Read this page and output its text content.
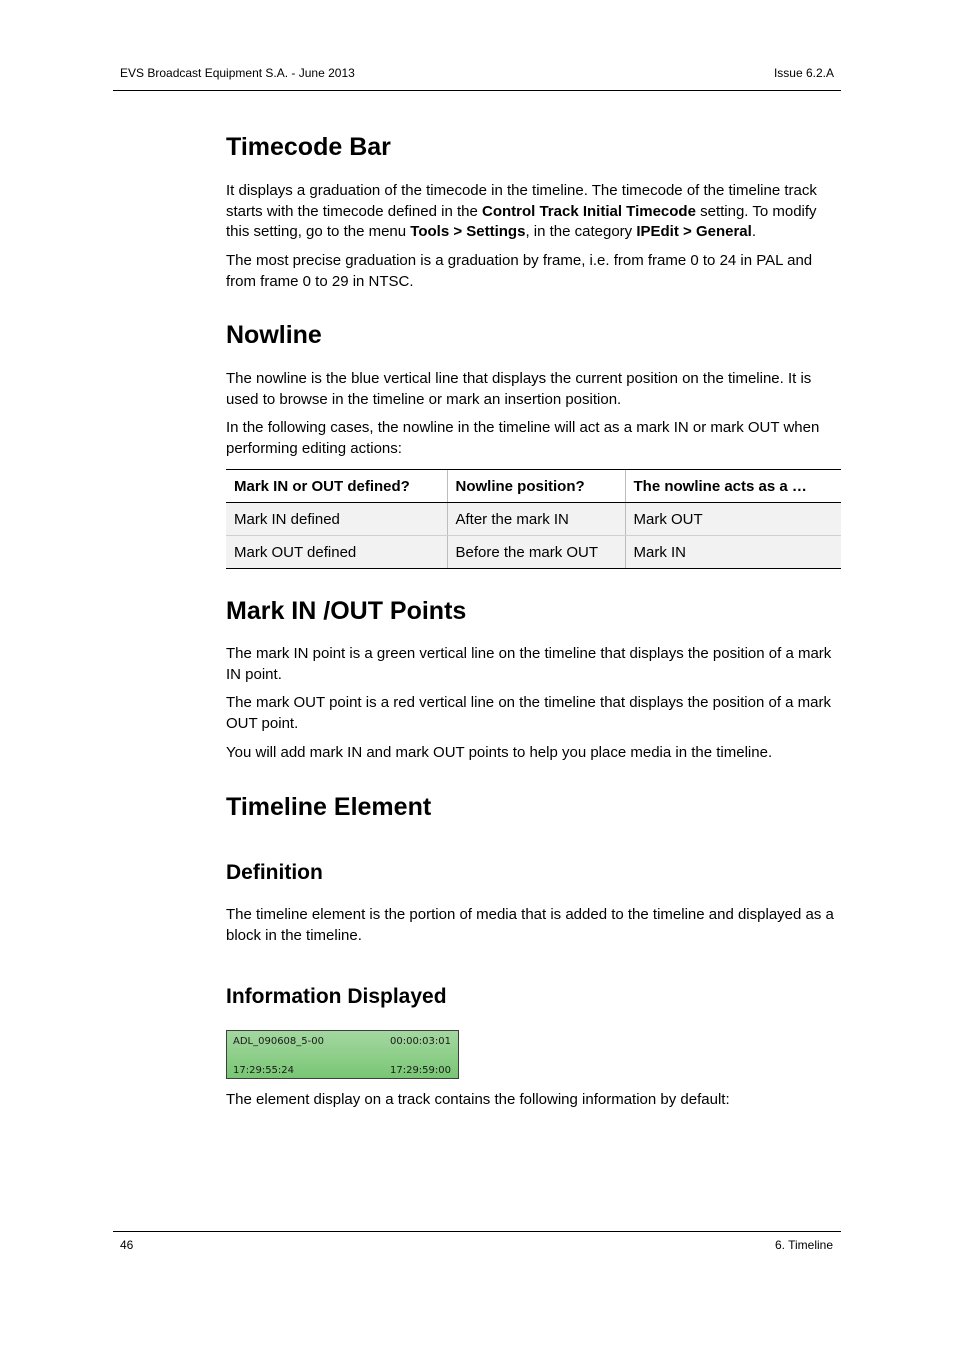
EVS Broadcast Equipment S.A. - June 2013	Issue 6.2.A
Timecode Bar

It displays a graduation of the timecode in the timeline. The timecode of the timeline track starts with the timecode defined in the Control Track Initial Timecode setting. To modify this setting, go to the menu Tools > Settings, in the category IPEdit > General.

The most precise graduation is a graduation by frame, i.e. from frame 0 to 24 in PAL and from frame 0 to 29 in NTSC.

Nowline

The nowline is the blue vertical line that displays the current position on the timeline. It is used to browse in the timeline or mark an insertion position.

In the following cases, the nowline in the timeline will act as a mark IN or mark OUT when performing editing actions:

Mark IN or OUT defined?	Nowline position?	The nowline acts as a …
Mark IN defined	After the mark IN	Mark OUT
Mark OUT defined	Before the mark OUT	Mark IN
Mark IN /OUT Points

The mark IN point is a green vertical line on the timeline that displays the position of a mark IN point.

The mark OUT point is a red vertical line on the timeline that displays the position of a mark OUT point.

You will add mark IN and mark OUT points to help you place media in the timeline.

Timeline Element
Definition

The timeline element is the portion of media that is added to the timeline and displayed as a block in the timeline.

Information Displayed
ADL_090608_5-00	00:00:03:01
17:29:55:24	17:29:59:00

The element display on a track contains the following information by default:

46	6. Timeline
